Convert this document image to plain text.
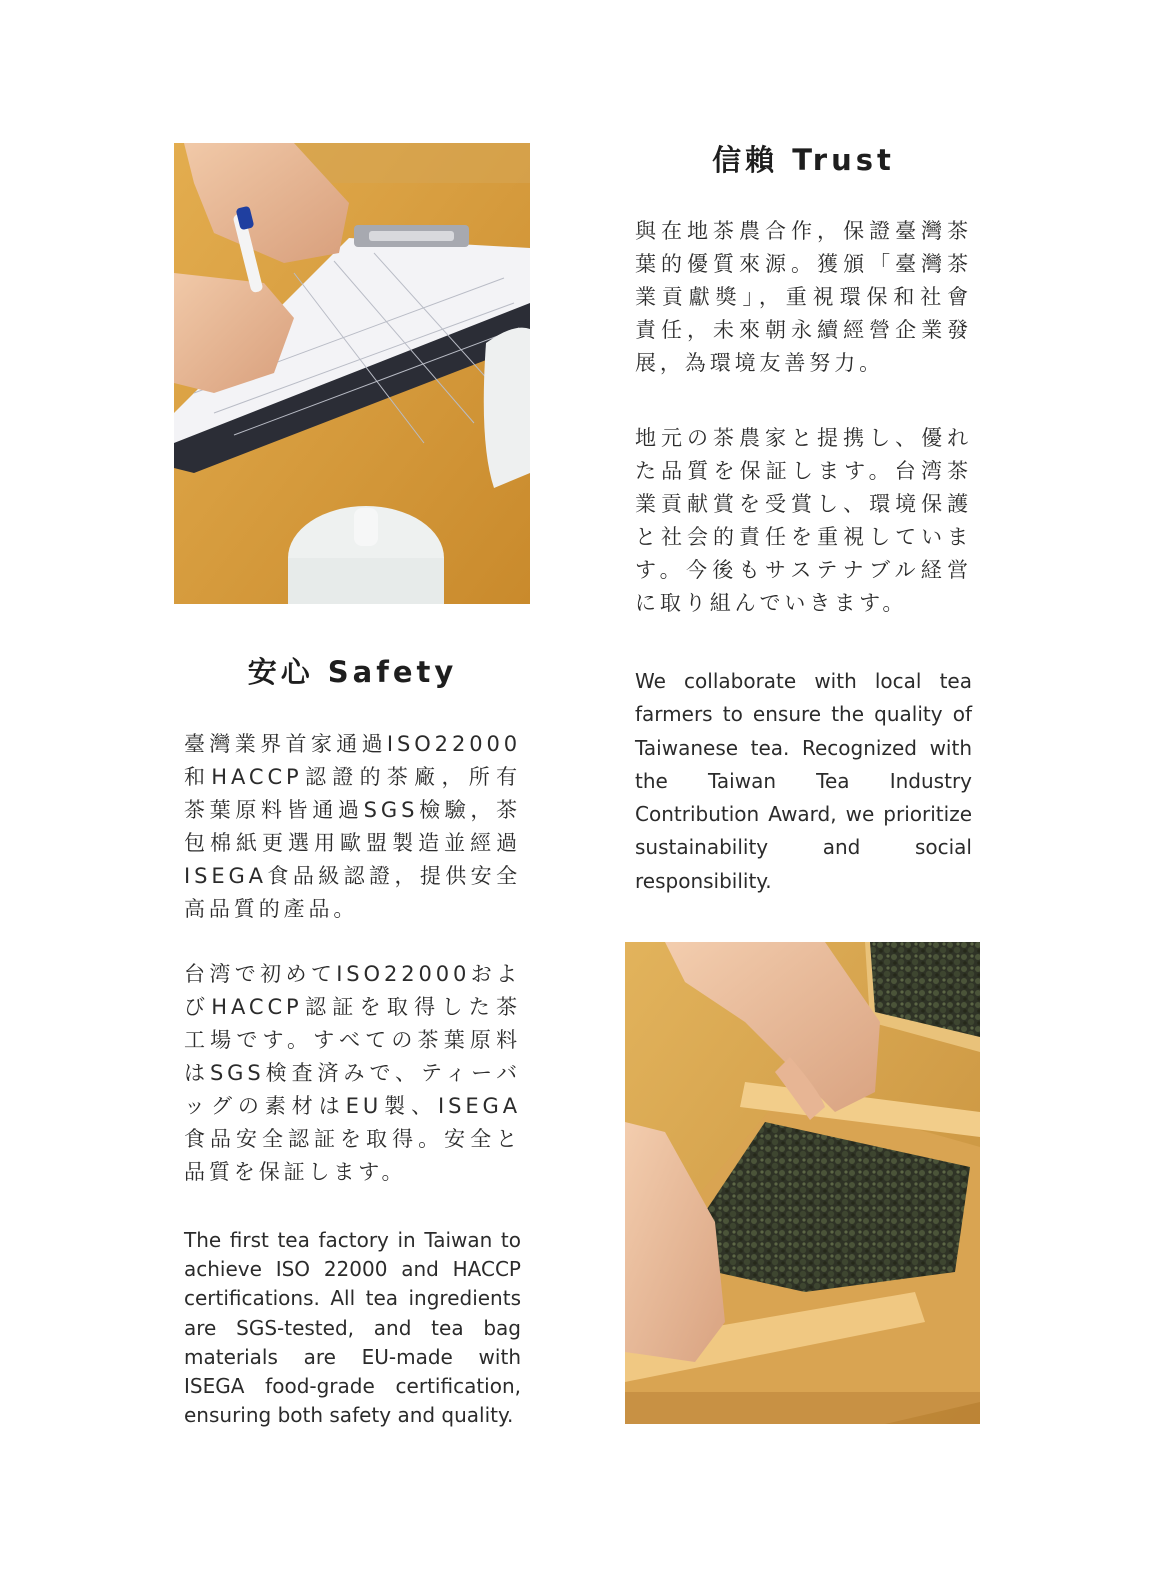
信賴 Trust

與在地茶農合作，保證臺灣茶葉的優質來源。獲頒「臺灣茶業貢獻獎」，重視環保和社會責任，未來朝永續經營企業發展，為環境友善努力。

地元の茶農家と提携し、優れた品質を保証します。台湾茶業貢献賞を受賞し、環境保護と社会的責任を重視しています。今後もサステナブル経営に取り組んでいきます。

We collaborate with local tea farmers to ensure the quality of Taiwanese tea. Recognized with the Taiwan Tea Industry Contribution Award, we prioritize sustainability and social responsibility.

安心 Safety

臺灣業界首家通過ISO22000和HACCP認證的茶廠，所有茶葉原料皆通過SGS檢驗，茶包棉紙更選用歐盟製造並經過ISEGA食品級認證，提供安全高品質的產品。

台湾で初めてISO22000およびHACCP認証を取得した茶工場です。すべての茶葉原料はSGS検査済みで、ティーバッグの素材はEU製、ISEGA食品安全認証を取得。安全と品質を保証します。

The first tea factory in Taiwan to achieve ISO 22000 and HACCP certifications. All tea ingredients are SGS-tested, and tea bag materials are EU-made with ISEGA food-grade certification, ensuring both safety and quality.
